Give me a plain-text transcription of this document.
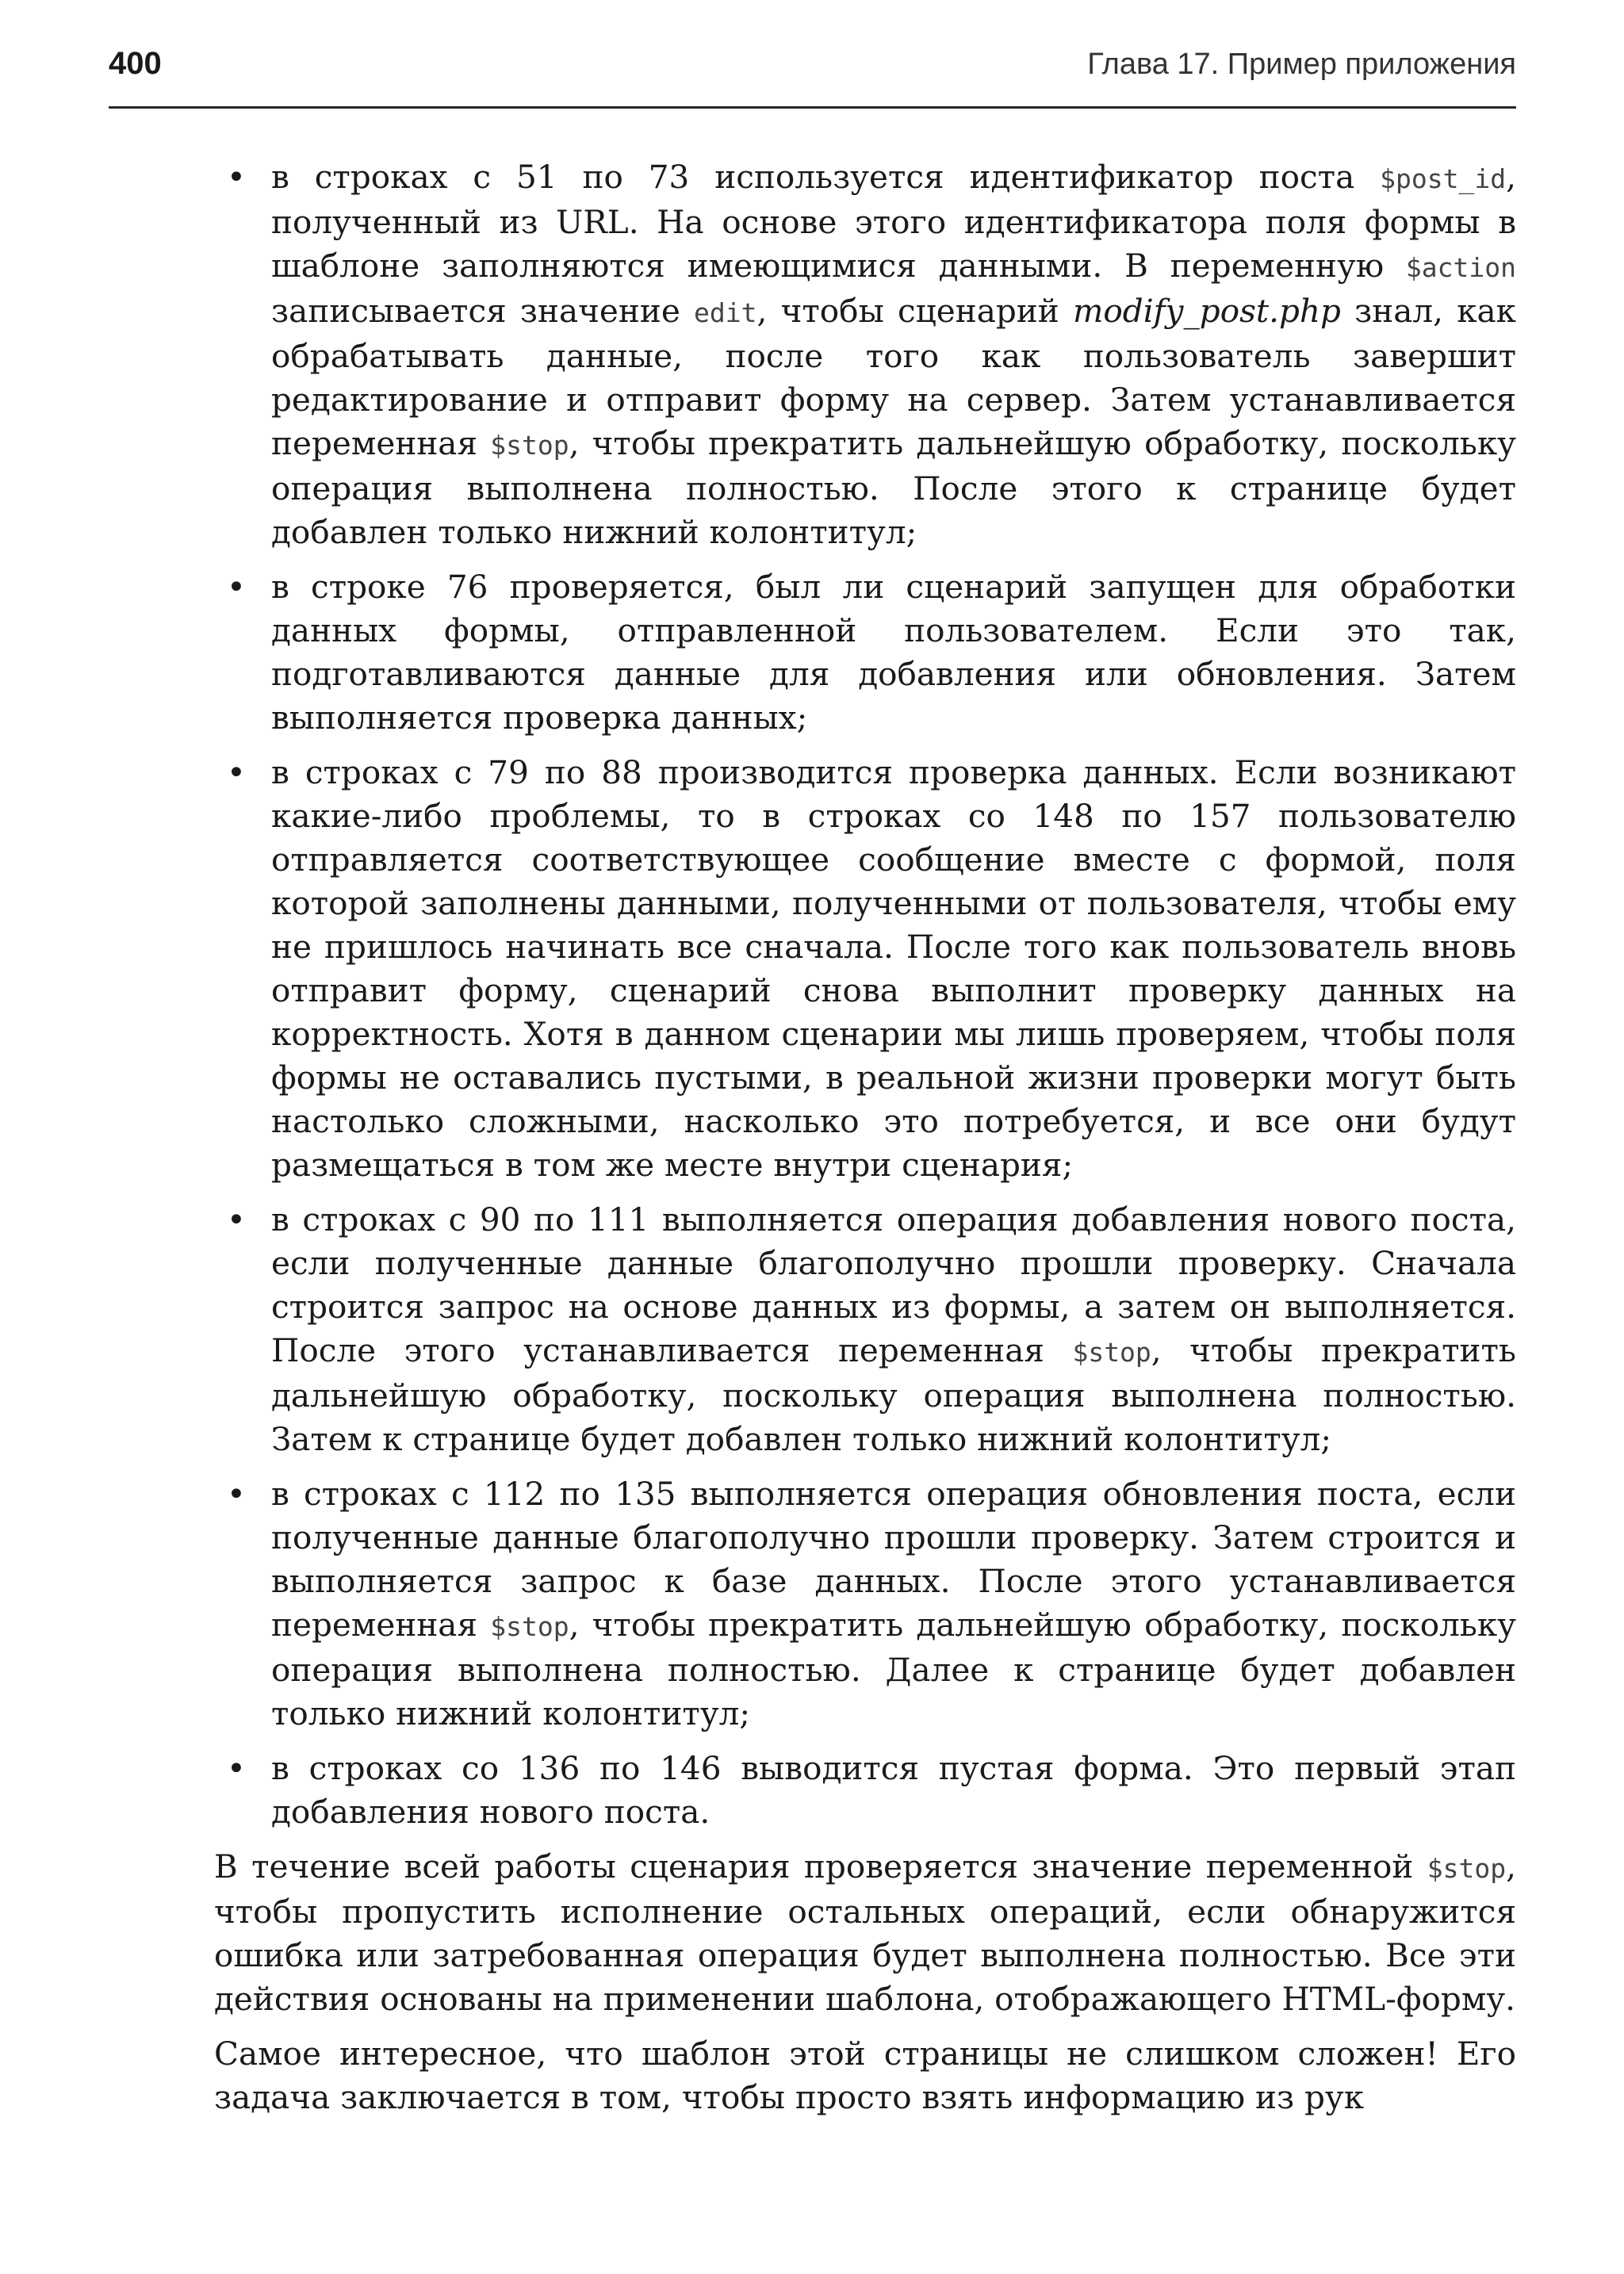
400	Глава 17. Пример приложения
• в строках с 51 по 73 используется идентификатор поста $post_id, полученный из URL. На основе этого идентификатора поля формы в шаблоне заполняются имеющимися данными. В переменную $action записывается значение edit, чтобы сценарий modify_post.php знал, как обрабатывать данные, после того как пользователь завершит редактирование и отправит форму на сервер. Затем устанавливается переменная $stop, чтобы прекратить дальнейшую обработку, поскольку операция выполнена полностью. После этого к странице будет добавлен только нижний колонтитул;
• в строке 76 проверяется, был ли сценарий запущен для обработки данных формы, отправленной пользователем. Если это так, подготавливаются данные для добавления или обновления. Затем выполняется проверка данных;
• в строках с 79 по 88 производится проверка данных. Если возникают какие-либо проблемы, то в строках со 148 по 157 пользователю отправляется соответствующее сообщение вместе с формой, поля которой заполнены данными, полученными от пользователя, чтобы ему не пришлось начинать все сначала. После того как пользователь вновь отправит форму, сценарий снова выполнит проверку данных на корректность. Хотя в данном сценарии мы лишь проверяем, чтобы поля формы не оставались пустыми, в реальной жизни проверки могут быть настолько сложными, насколько это потребуется, и все они будут размещаться в том же месте внутри сценария;
• в строках с 90 по 111 выполняется операция добавления нового поста, если полученные данные благополучно прошли проверку. Сначала строится запрос на основе данных из формы, а затем он выполняется. После этого устанавливается переменная $stop, чтобы прекратить дальнейшую обработку, поскольку операция выполнена полностью. Затем к странице будет добавлен только нижний колонтитул;
• в строках с 112 по 135 выполняется операция обновления поста, если полученные данные благополучно прошли проверку. Затем строится и выполняется запрос к базе данных. После этого устанавливается переменная $stop, чтобы прекратить дальнейшую обработку, поскольку операция выполнена полностью. Далее к странице будет добавлен только нижний колонтитул;
• в строках со 136 по 146 выводится пустая форма. Это первый этап добавления нового поста.

В течение всей работы сценария проверяется значение переменной $stop, чтобы пропустить исполнение остальных операций, если обнаружится ошибка или затребованная операция будет выполнена полностью. Все эти действия основаны на применении шаблона, отображающего HTML-форму.

Самое интересное, что шаблон этой страницы не слишком сложен! Его задача заключается в том, чтобы просто взять информацию из рук
